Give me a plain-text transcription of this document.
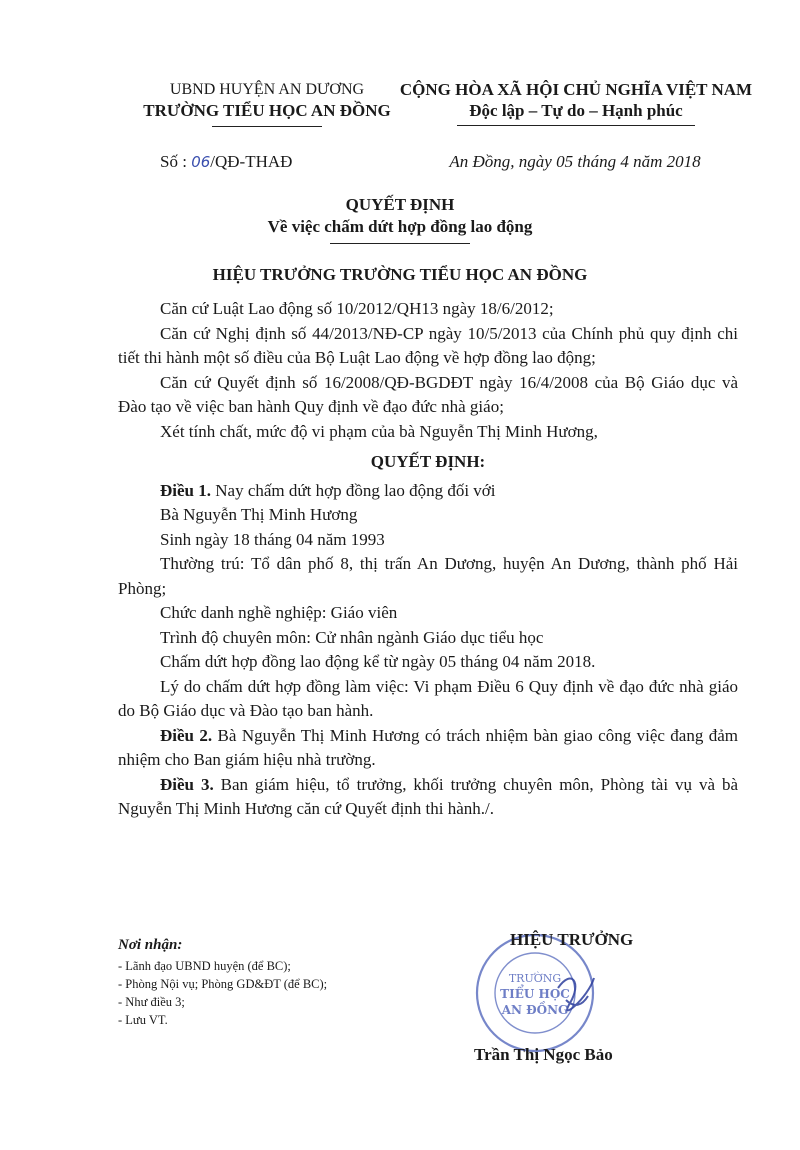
UBND HUYỆN AN DƯƠNG
TRƯỜNG TIỂU HỌC AN ĐỒNG
CỘNG HÒA XÃ HỘI CHỦ NGHĨA VIỆT NAM
Độc lập – Tự do – Hạnh phúc
Số : 06/QĐ-THAĐ	An Đồng, ngày 05 tháng 4 năm 2018
QUYẾT ĐỊNH
Về việc chấm dứt hợp đồng lao động
HIỆU TRƯỞNG TRƯỜNG TIỂU HỌC AN ĐỒNG

Căn cứ Luật Lao động số 10/2012/QH13 ngày 18/6/2012;

Căn cứ Nghị định số 44/2013/NĐ-CP ngày 10/5/2013 của Chính phủ quy định chi tiết thi hành một số điều của Bộ Luật Lao động về hợp đồng lao động;

Căn cứ Quyết định số 16/2008/QĐ-BGDĐT ngày 16/4/2008 của Bộ Giáo dục và Đào tạo về việc ban hành Quy định về đạo đức nhà giáo;

Xét tính chất, mức độ vi phạm của bà Nguyễn Thị Minh Hương,

QUYẾT ĐỊNH:

Điều 1. Nay chấm dứt hợp đồng lao động đối với

Bà Nguyễn Thị Minh Hương

Sinh ngày 18 tháng 04 năm 1993

Thường trú: Tổ dân phố 8, thị trấn An Dương, huyện An Dương, thành phố Hải Phòng;

Chức danh nghề nghiệp: Giáo viên

Trình độ chuyên môn: Cử nhân ngành Giáo dục tiểu học

Chấm dứt hợp đồng lao động kể từ ngày 05 tháng 04 năm 2018.

Lý do chấm dứt hợp đồng làm việc: Vi phạm Điều 6 Quy định về đạo đức nhà giáo do Bộ Giáo dục và Đào tạo ban hành.

Điều 2. Bà Nguyễn Thị Minh Hương có trách nhiệm bàn giao công việc đang đảm nhiệm cho Ban giám hiệu nhà trường.

Điều 3. Ban giám hiệu, tổ trưởng, khối trưởng chuyên môn, Phòng tài vụ và bà Nguyễn Thị Minh Hương căn cứ Quyết định thi hành./.

Nơi nhận:
- Lãnh đạo UBND huyện (để BC);
- Phòng Nội vụ; Phòng GD&ĐT (để BC);
- Như điều 3;
- Lưu VT.
TRƯỜNG
TIỂU HỌC
AN ĐỒNG
HIỆU TRƯỞNG
Trần Thị Ngọc Bảo
